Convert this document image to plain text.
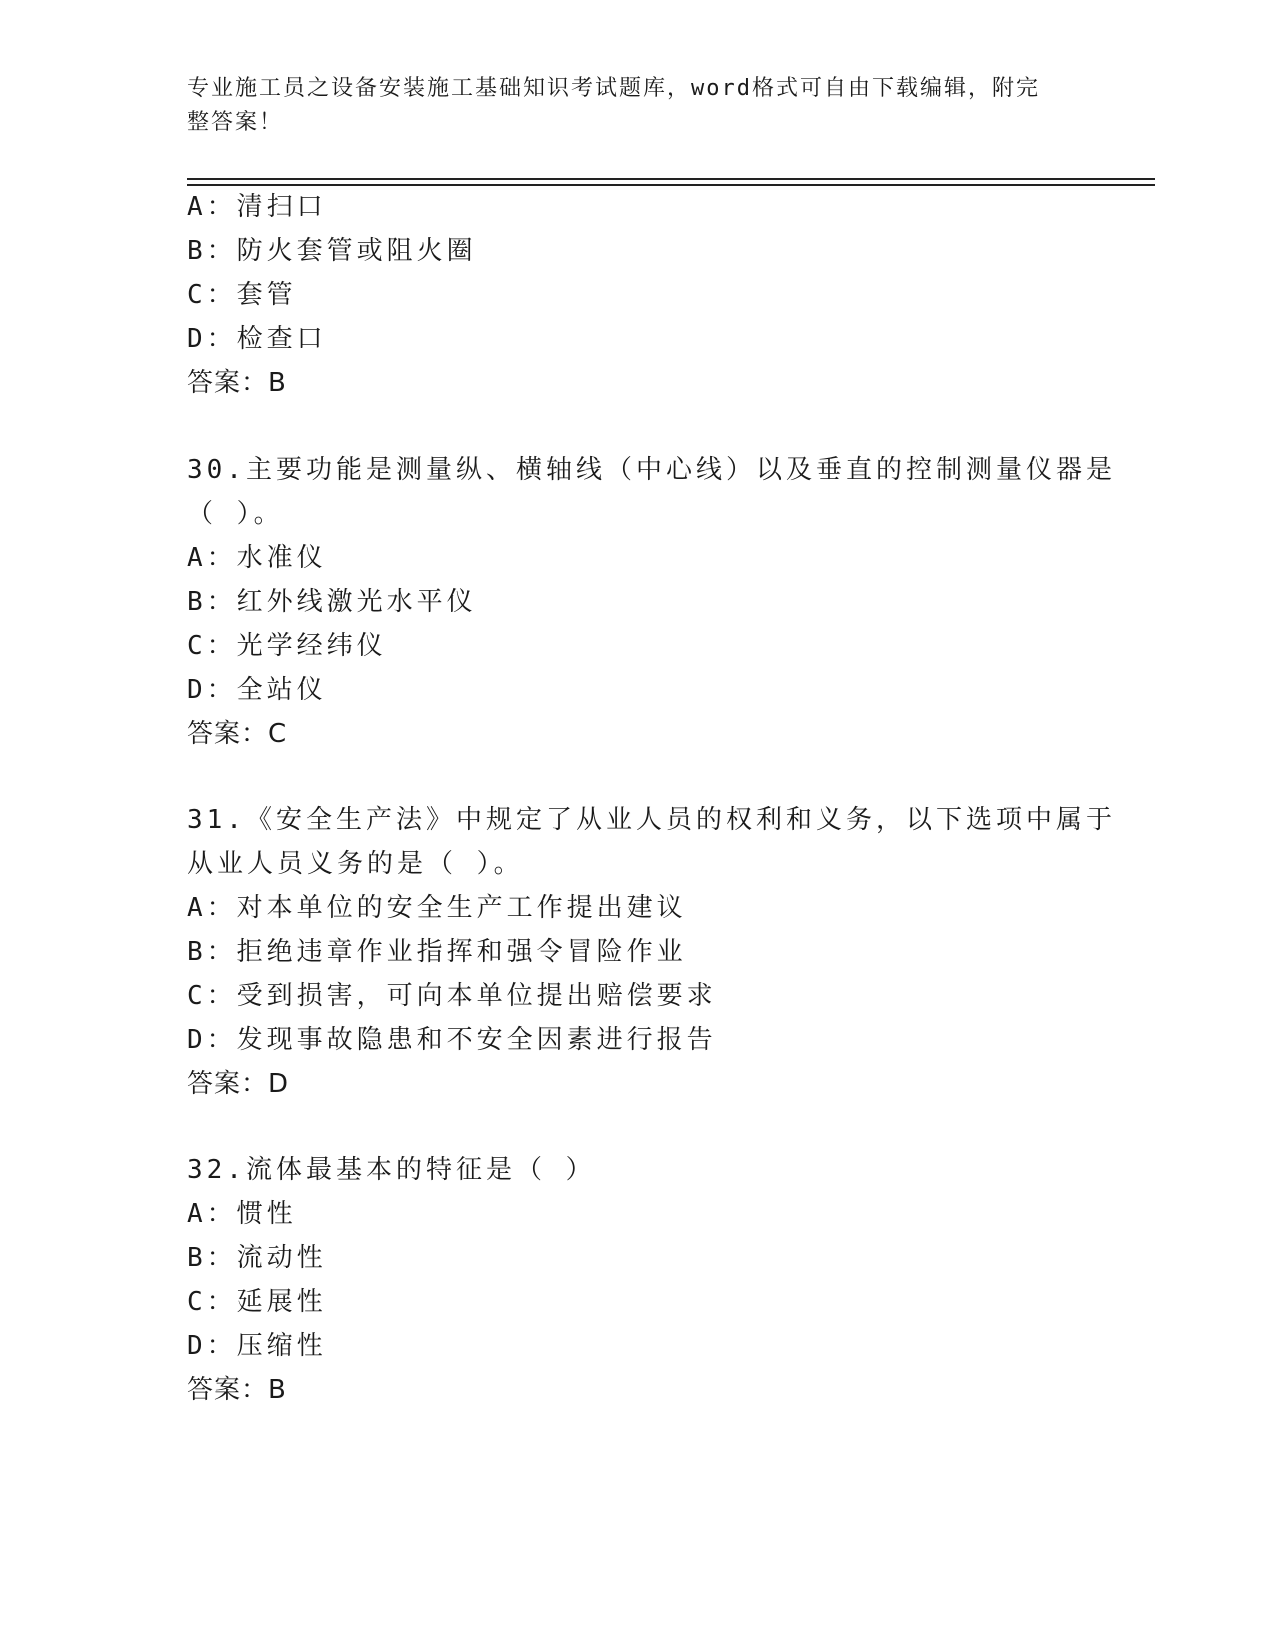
专业施工员之设备安装施工基础知识考试题库，word格式可自由下载编辑，附完
整答案！
A：清扫口
B：防火套管或阻火圈
C：套管
D：检查口
答案：B
30.主要功能是测量纵、横轴线（中心线）以及垂直的控制测量仪器是
（ ）。
A：水准仪
B：红外线激光水平仪
C：光学经纬仪
D：全站仪
答案：C
31.《安全生产法》中规定了从业人员的权利和义务，以下选项中属于
从业人员义务的是（ ）。
A：对本单位的安全生产工作提出建议
B：拒绝违章作业指挥和强令冒险作业
C：受到损害，可向本单位提出赔偿要求
D：发现事故隐患和不安全因素进行报告
答案：D
32.流体最基本的特征是（ ）
A：惯性
B：流动性
C：延展性
D：压缩性
答案：B
